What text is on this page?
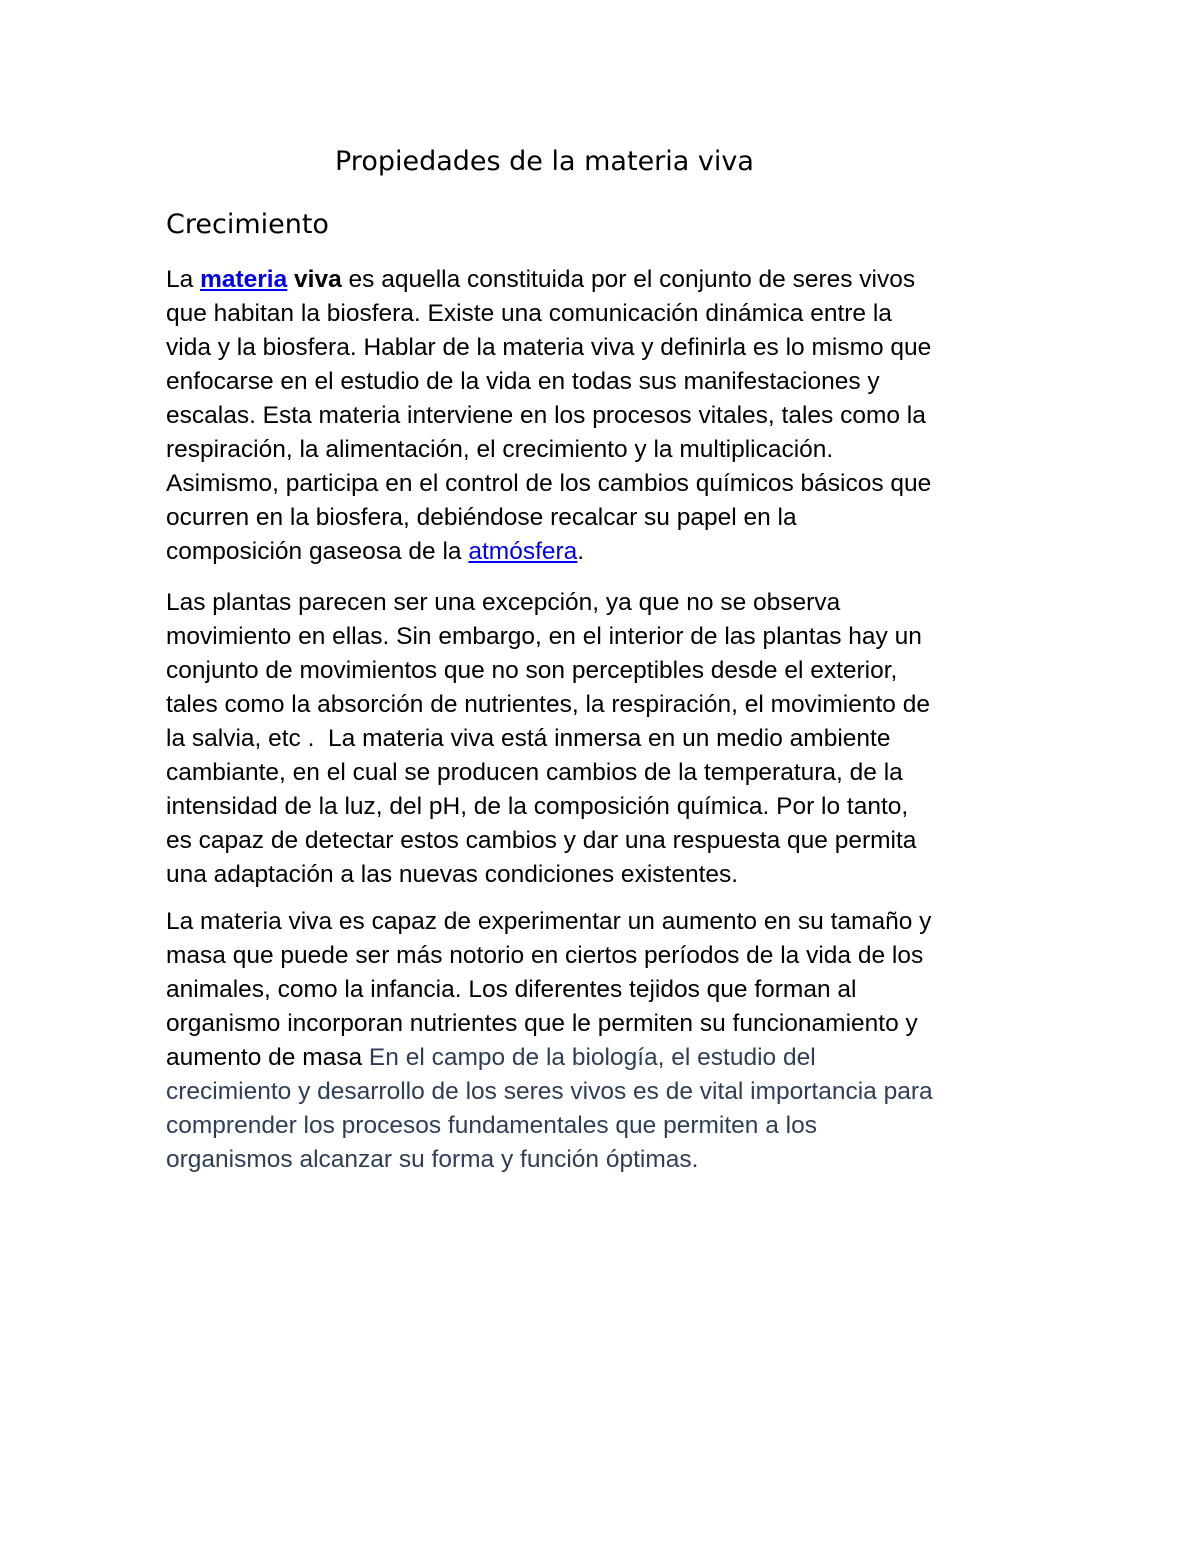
Propiedades de la materia viva
Crecimiento

La materia viva es aquella constituida por el conjunto de seres vivos
que habitan la biosfera. Existe una comunicación dinámica entre la
vida y la biosfera. Hablar de la materia viva y definirla es lo mismo que
enfocarse en el estudio de la vida en todas sus manifestaciones y
escalas. Esta materia interviene en los procesos vitales, tales como la
respiración, la alimentación, el crecimiento y la multiplicación.
Asimismo, participa en el control de los cambios químicos básicos que
ocurren en la biosfera, debiéndose recalcar su papel en la
composición gaseosa de la atmósfera.

Las plantas parecen ser una excepción, ya que no se observa
movimiento en ellas. Sin embargo, en el interior de las plantas hay un
conjunto de movimientos que no son perceptibles desde el exterior,
tales como la absorción de nutrientes, la respiración, el movimiento de
la salvia, etc .  La materia viva está inmersa en un medio ambiente
cambiante, en el cual se producen cambios de la temperatura, de la
intensidad de la luz, del pH, de la composición química. Por lo tanto,
es capaz de detectar estos cambios y dar una respuesta que permita
una adaptación a las nuevas condiciones existentes.

La materia viva es capaz de experimentar un aumento en su tamaño y
masa que puede ser más notorio en ciertos períodos de la vida de los
animales, como la infancia. Los diferentes tejidos que forman al
organismo incorporan nutrientes que le permiten su funcionamiento y
aumento de masa En el campo de la biología, el estudio del
crecimiento y desarrollo de los seres vivos es de vital importancia para
comprender los procesos fundamentales que permiten a los
organismos alcanzar su forma y función óptimas.
